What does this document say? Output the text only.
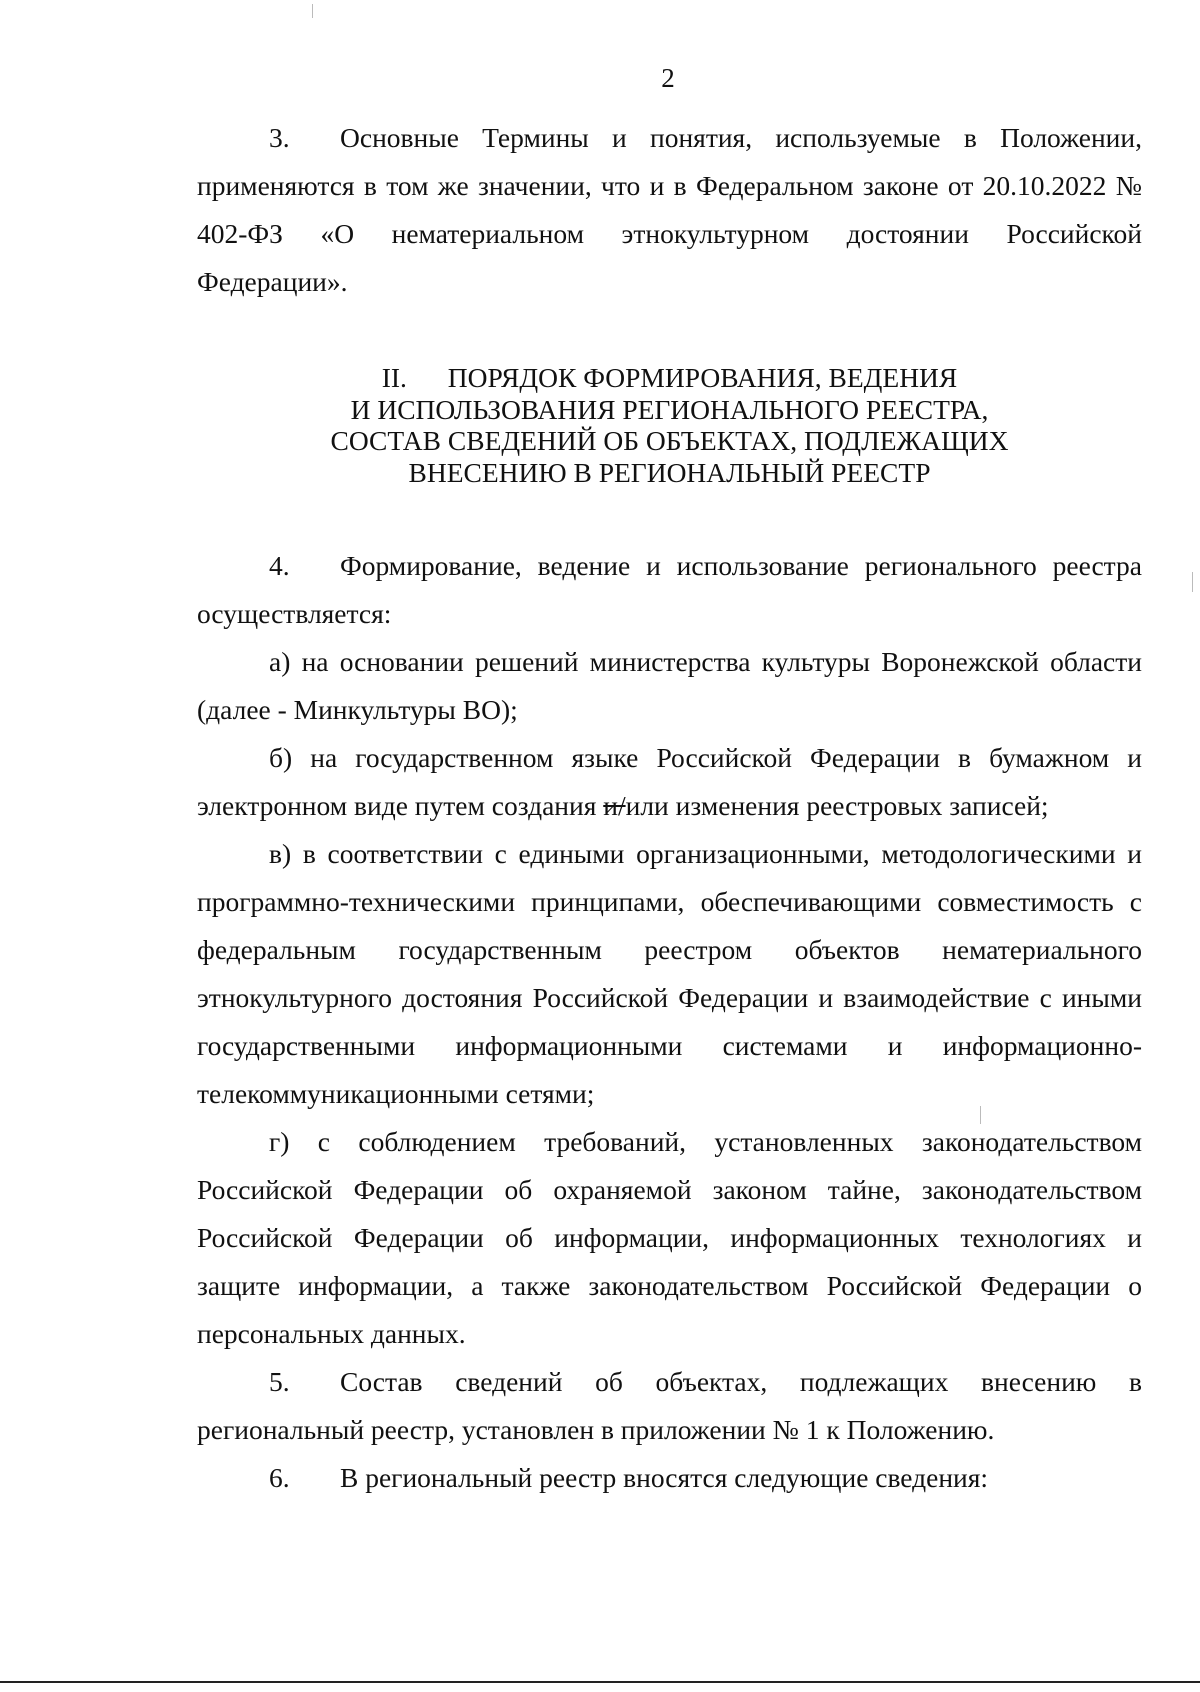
2

3. Основные Термины и понятия, используемые в Положении, применяются в том же значении, что и в Федеральном законе от 20.10.2022 № 402-ФЗ «О нематериальном этнокультурном достоянии Российской Федерации».

II. ПОРЯДОК ФОРМИРОВАНИЯ, ВЕДЕНИЯ
И ИСПОЛЬЗОВАНИЯ РЕГИОНАЛЬНОГО РЕЕСТРА,
СОСТАВ СВЕДЕНИЙ ОБ ОБЪЕКТАХ, ПОДЛЕЖАЩИХ
ВНЕСЕНИЮ В РЕГИОНАЛЬНЫЙ РЕЕСТР

4. Формирование, ведение и использование регионального реестра осуществляется:

а) на основании решений министерства культуры Воронежской области (далее - Минкультуры ВО);

б) на государственном языке Российской Федерации в бумажном и электронном виде путем создания и/или изменения реестровых записей;

в) в соответствии с едиными организационными, методологическими и программно-техническими принципами, обеспечивающими совместимость с федеральным государственным реестром объектов нематериального этнокультурного достояния Российской Федерации и взаимодействие с иными государственными информационными системами и информационно-телекоммуникационными сетями;

г) с соблюдением требований, установленных законодательством Российской Федерации об охраняемой законом тайне, законодательством Российской Федерации об информации, информационных технологиях и защите информации, а также законодательством Российской Федерации о персональных данных.

5. Состав сведений об объектах, подлежащих внесению в региональный реестр, установлен в приложении № 1 к Положению.

6. В региональный реестр вносятся следующие сведения:
